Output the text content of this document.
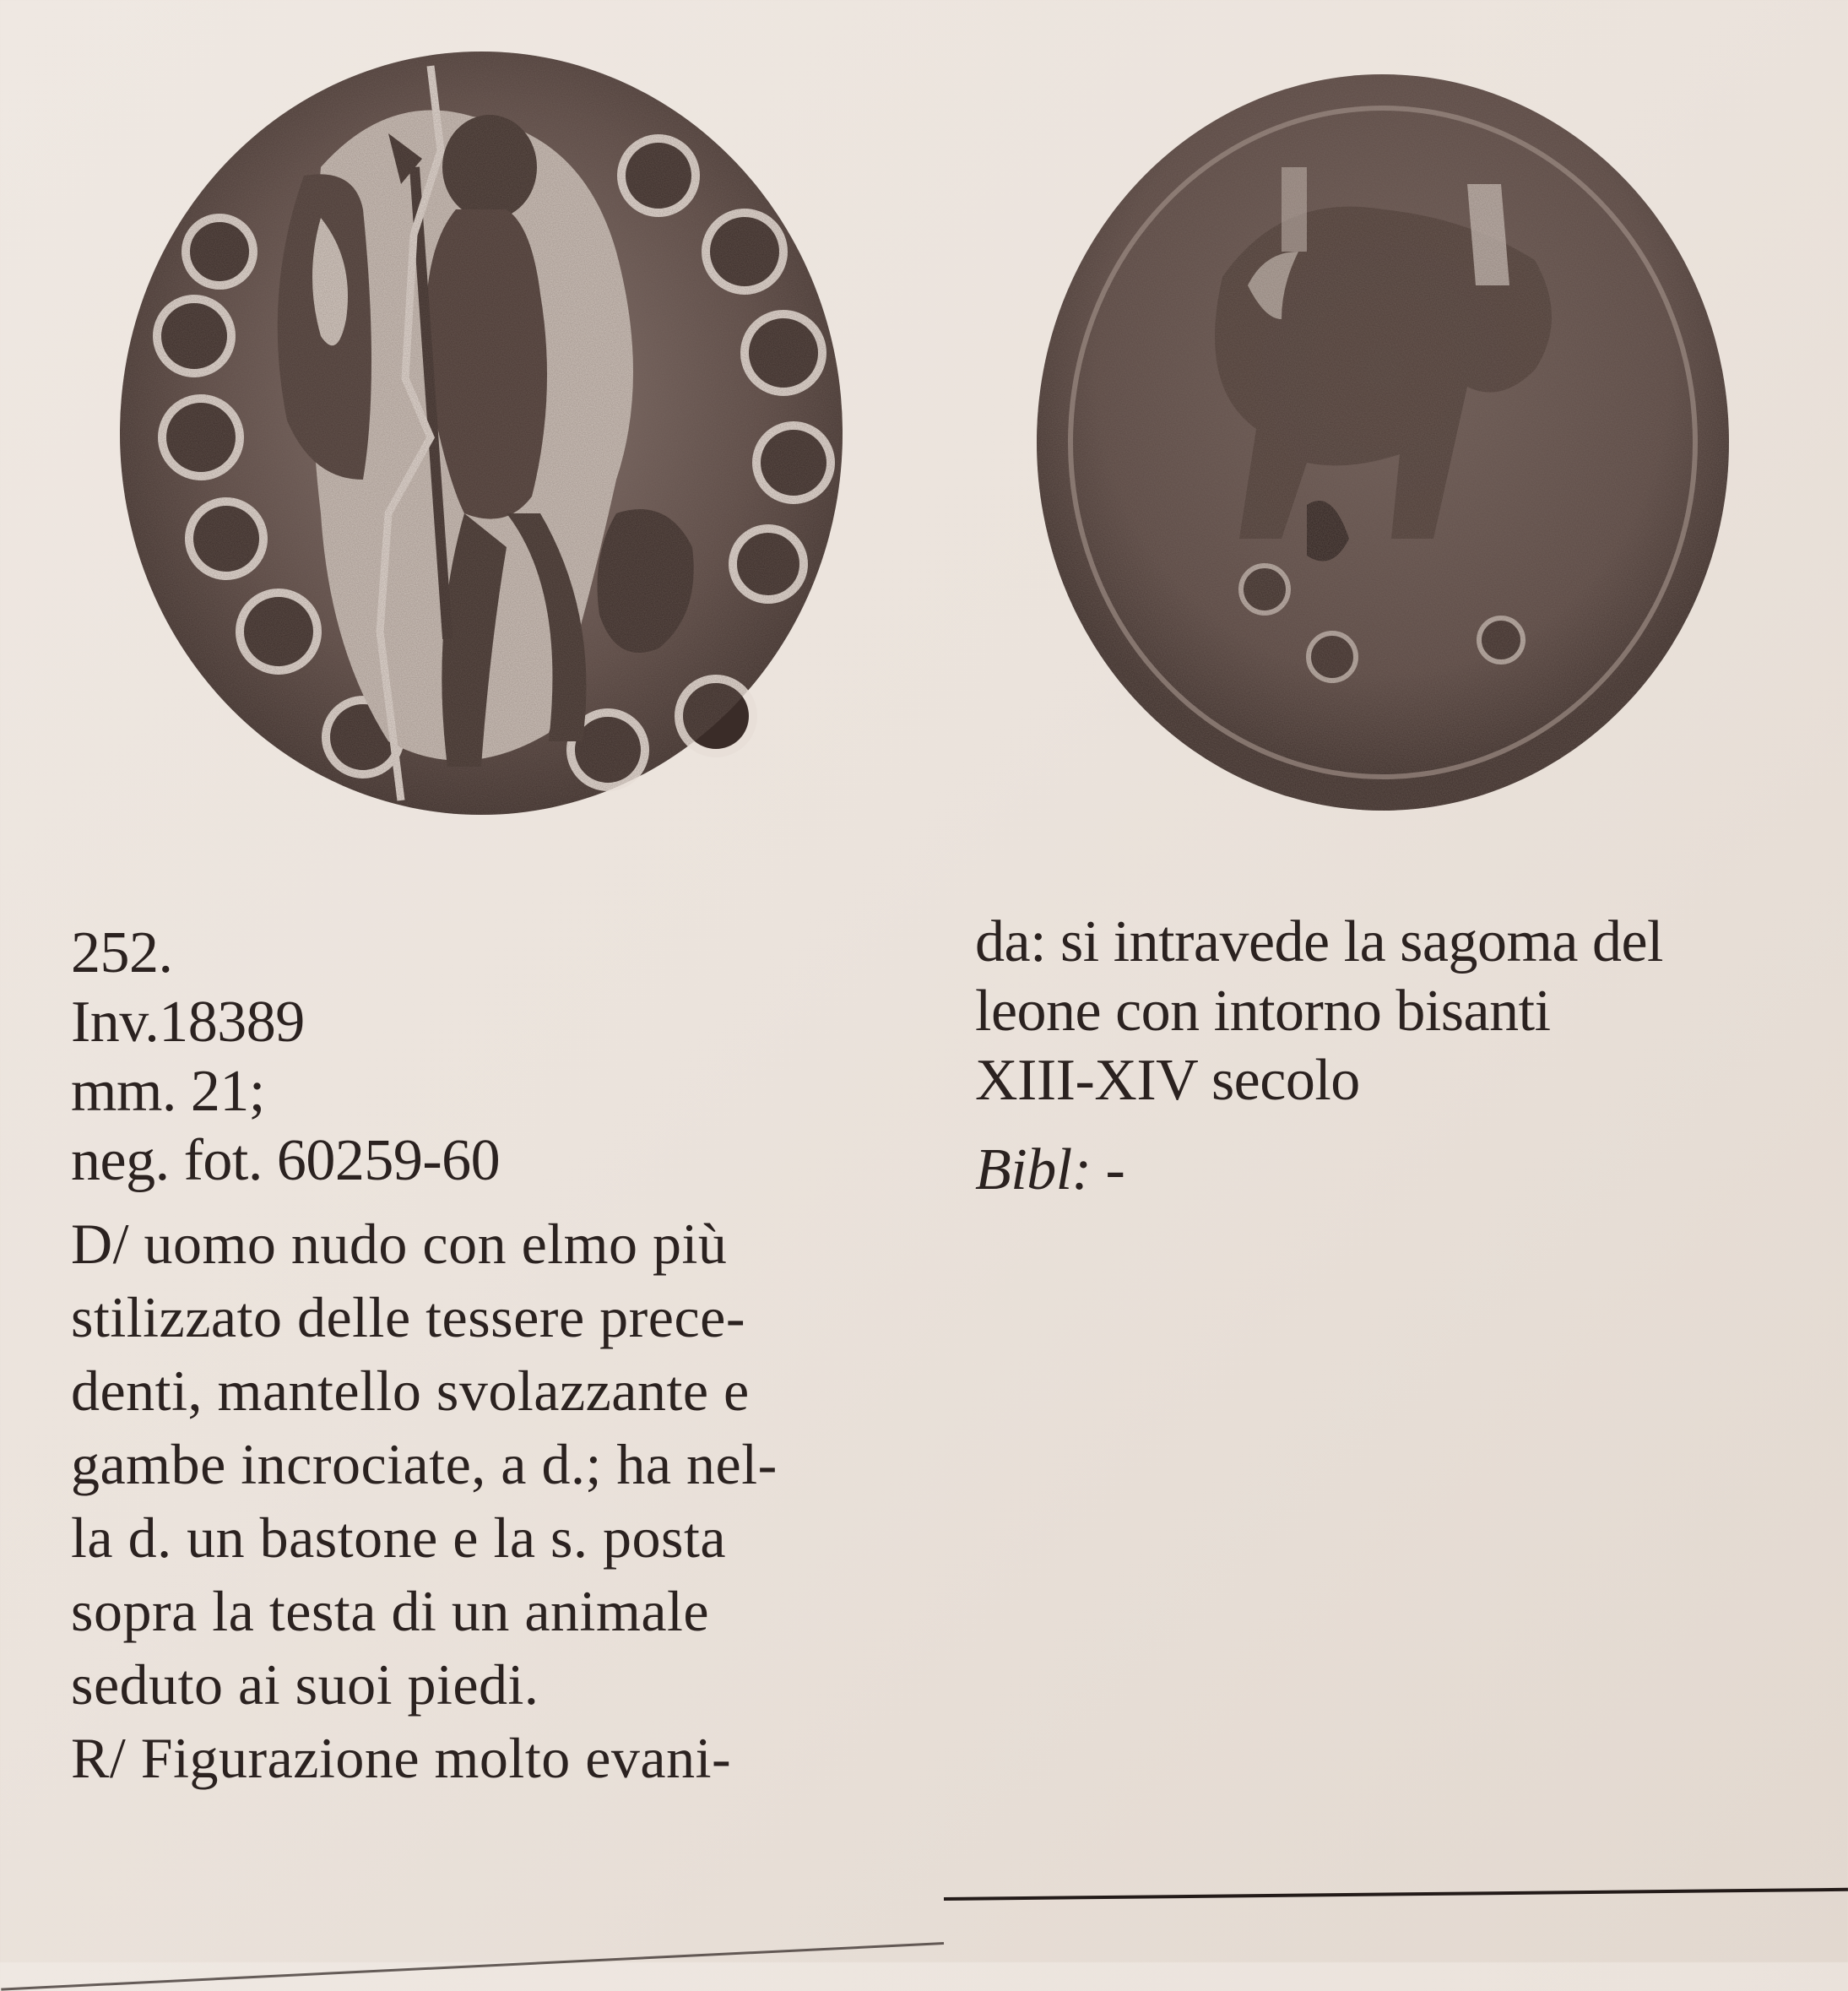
252.
Inv.18389
mm. 21;
neg. fot. 60259-60
D/ uomo nudo con elmo più
stilizzato delle tessere prece-
denti, mantello svolazzante e
gambe incrociate, a d.; ha nel-
la d. un bastone e la s. posta
sopra la testa di un animale
seduto ai suoi piedi.
R/ Figurazione molto evani-
da: si intravede la sagoma del
leone con intorno bisanti
XIII-XIV secolo
Bibl: -
